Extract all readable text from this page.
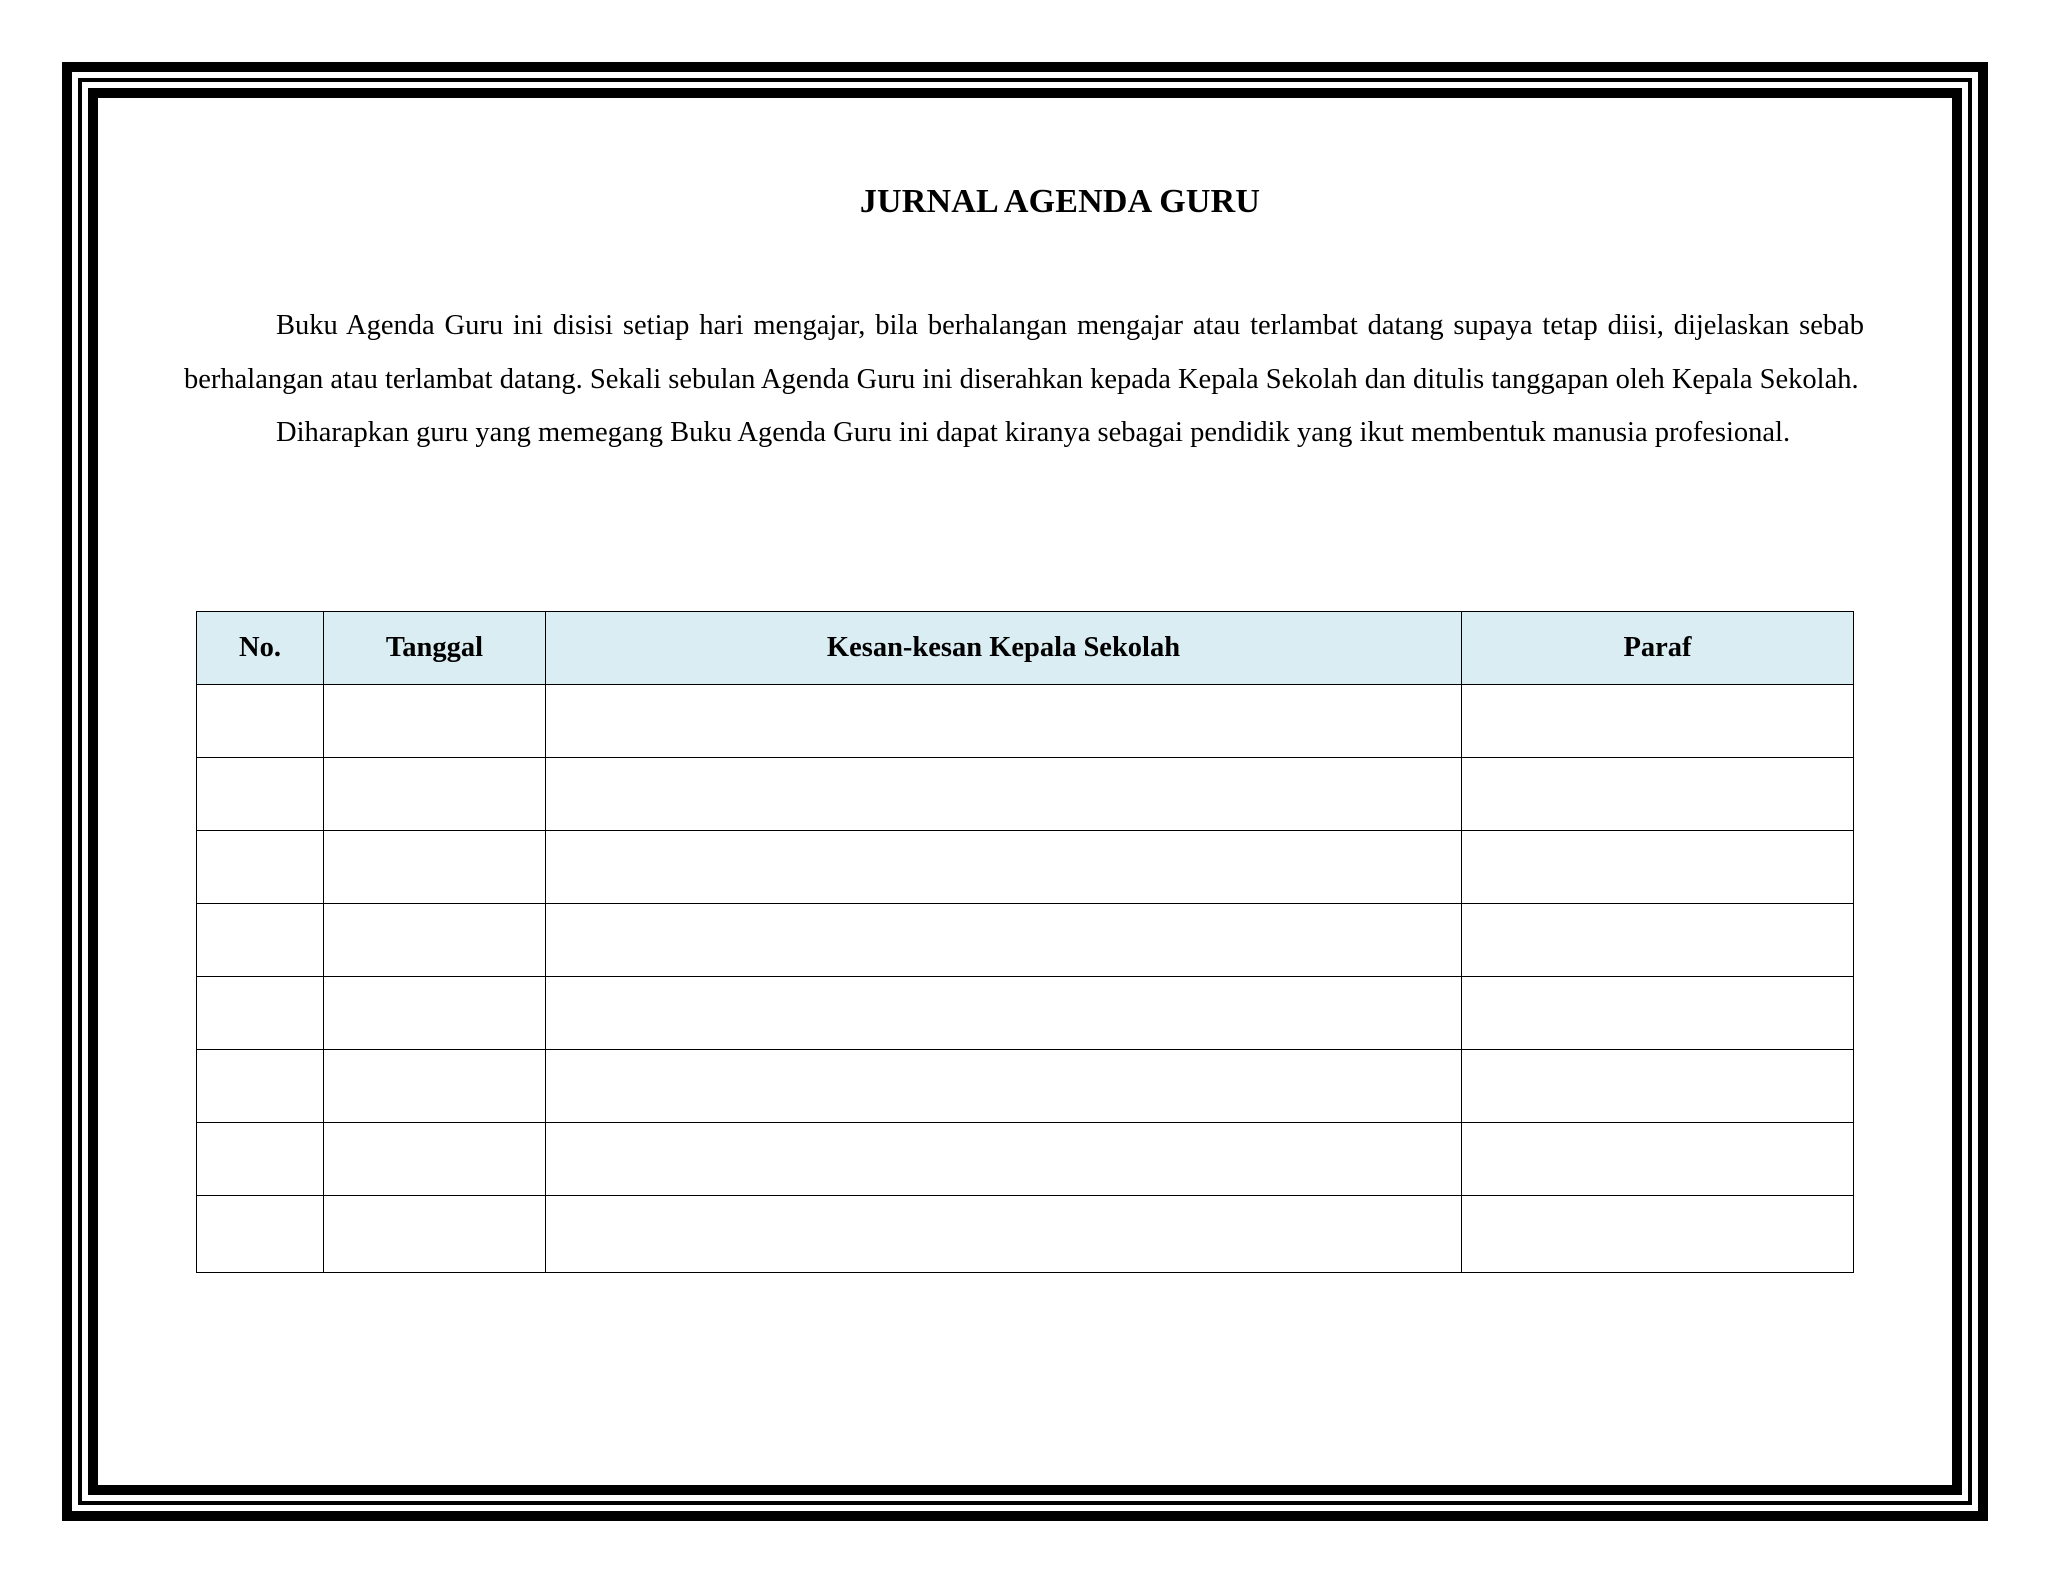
JURNAL AGENDA GURU

Buku Agenda Guru ini disisi setiap hari mengajar, bila berhalangan mengajar atau terlambat datang supaya tetap diisi, dijelaskan sebab berhalangan atau terlambat datang. Sekali sebulan Agenda Guru ini diserahkan kepada Kepala Sekolah dan ditulis tanggapan oleh Kepala Sekolah.

Diharapkan guru yang memegang Buku Agenda Guru ini dapat kiranya sebagai pendidik yang ikut membentuk manusia profesional.

No.	Tanggal	Kesan-kesan Kepala Sekolah	Paraf
